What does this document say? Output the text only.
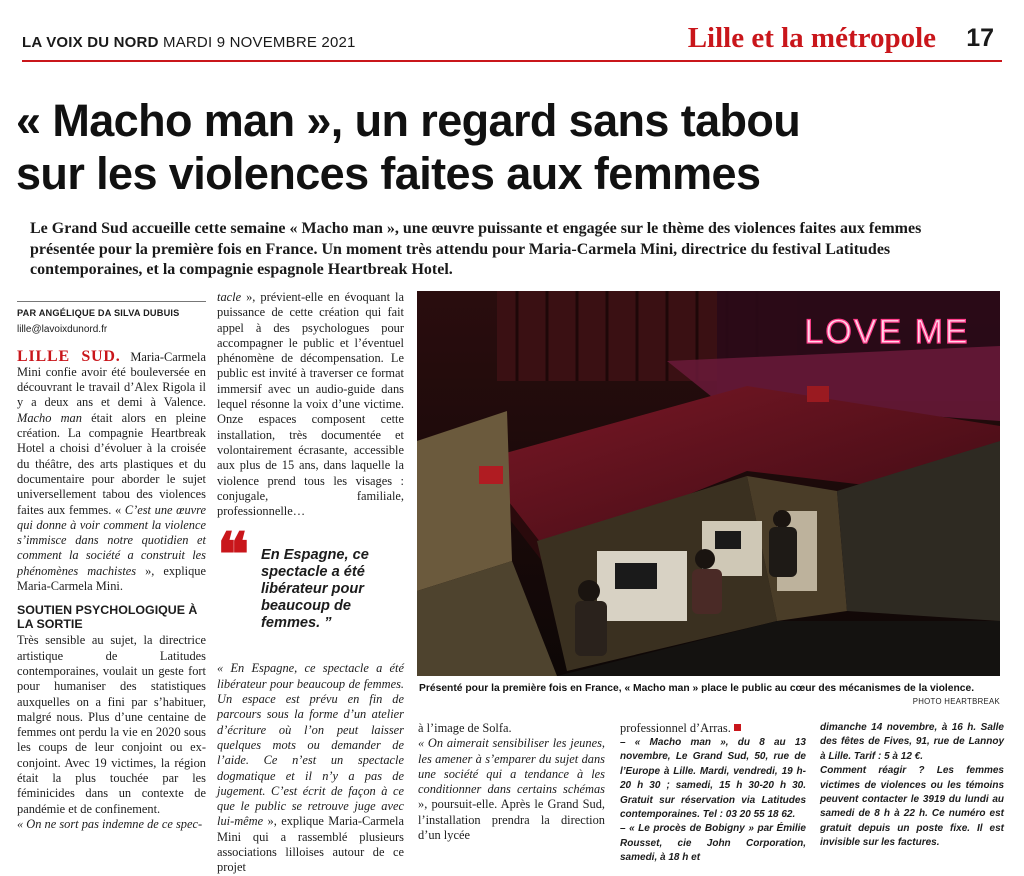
LA VOIX DU NORD MARDI 9 NOVEMBRE 2021	Lille et la métropole 17
« Macho man », un regard sans tabou
sur les violences faites aux femmes

Le Grand Sud accueille cette semaine « Macho man », une œuvre puissante et engagée sur le thème des violences faites aux femmes présentée pour la première fois en France. Un moment très attendu pour Maria-Carmela Mini, directrice du festival Latitudes contemporaines, et la compagnie espagnole Heartbreak Hotel.

PAR ANGÉLIQUE DA SILVA DUBUIS
lille@lavoixdunord.fr

LILLE SUD. Maria-Carmela Mini confie avoir été bouleversée en découvrant le travail d’Alex Rigola il y a deux ans et demi à Valence. Macho man était alors en pleine création. La compagnie Heartbreak Hotel a choisi d’évoluer à la croisée du théâtre, des arts plastiques et du documentaire pour aborder le sujet universellement tabou des violences faites aux femmes. « C’est une œuvre qui donne à voir comment la violence s’immisce dans notre quotidien et comment la société a construit les phénomènes machistes », explique Maria-Carmela Mini.

SOUTIEN PSYCHOLOGIQUE À LA SORTIE

Très sensible au sujet, la directrice artistique de Latitudes contemporaines, voulait un geste fort pour humaniser des statistiques auxquelles on a fini par s’habituer, malgré nous. Plus d’une centaine de femmes ont perdu la vie en 2020 sous les coups de leur conjoint ou ex-conjoint. Avec 19 victimes, la région était la plus touchée par les féminicides dans un contexte de pandémie et de confinement.

« On ne sort pas indemne de ce spec-

tacle », prévient-elle en évoquant la puissance de cette création qui fait appel à des psychologues pour accompagner le public et l’éventuel phénomène de décompensation. Le public est invité à traverser ce format immersif avec un audio-guide dans lequel résonne la voix d’une victime. Onze espaces composent cette installation, très documentée et volontairement écrasante, accessible aux plus de 15 ans, dans laquelle la violence prend tous les visages : conjugale, familiale, professionnelle…

❝ En Espagne, ce spectacle a été libérateur pour beaucoup de femmes. ”

« En Espagne, ce spectacle a été libérateur pour beaucoup de femmes. Un espace est prévu en fin de parcours sous la forme d’un atelier d’écriture où l’on peut laisser quelques mots ou demander de l’aide. Ce n’est un spectacle dogmatique et il n’y a pas de jugement. C’est écrit de façon à ce que le public se retrouve juge avec lui-même », explique Maria-Carmela Mini qui a rassemblé plusieurs associations lilloises autour de ce projet

LOVE ME
Présenté pour la première fois en France, « Macho man » place le public au cœur des mécanismes de la violence.
PHOTO HEARTBREAK

à l’image de Solfa.

« On aimerait sensibiliser les jeunes, les amener à s’emparer du sujet dans une société qui a tendance à les conditionner dans certains schémas », poursuit-elle. Après le Grand Sud, l’installation prendra la direction d’un lycée

professionnel d’Arras.

– « Macho man », du 8 au 13 novembre, Le Grand Sud, 50, rue de l’Europe à Lille. Mardi, vendredi, 19 h-20 h 30 ; samedi, 15 h 30-20 h 30. Gratuit sur réservation via Latitudes contemporaines. Tel : 03 20 55 18 62.

– « Le procès de Bobigny » par Émilie Rousset, cie John Corporation, samedi, à 18 h et

dimanche 14 novembre, à 16 h. Salle des fêtes de Fives, 91, rue de Lannoy à Lille. Tarif : 5 à 12 €.

Comment réagir ? Les femmes victimes de violences ou les témoins peuvent contacter le 3919 du lundi au samedi de 8 h à 22 h. Ce numéro est gratuit depuis un poste fixe. Il est invisible sur les factures.
